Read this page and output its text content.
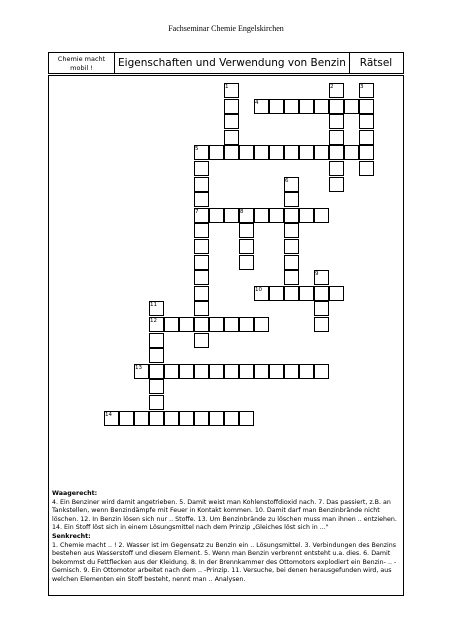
Fachseminar Chemie Engelskirchen
Chemie macht mobil !	Eigenschaften und Verwendung von Benzin	Rätsel
1	2	3
4
5
6
7	8
9
10
11
12
13
14
Waagerecht:
4. Ein Benziner wird damit angetrieben. 5. Damit weist man Kohlenstoffdioxid nach. 7. Das passiert, z.B. an Tankstellen, wenn Benzindämpfe mit Feuer in Kontakt kommen. 10. Damit darf man Benzinbrände nicht löschen. 12. In Benzin lösen sich nur .. Stoffe. 13. Um Benzinbrände zu löschen muss man ihnen .. entziehen. 14. Ein Stoff löst sich in einem Lösungsmittel nach dem Prinzip „Gleiches löst sich in ..."
Senkrecht:
1. Chemie macht .. ! 2. Wasser ist im Gegensatz zu Benzin ein .. Lösungsmittel. 3. Verbindungen des Benzins bestehen aus Wasserstoff und diesem Element. 5. Wenn man Benzin verbrennt entsteht u.a. dies. 6. Damit bekommst du Fettflecken aus der Kleidung. 8. In der Brennkammer des Ottomotors explodiert ein Benzin- .. -Gemisch. 9. Ein Ottomotor arbeitet nach dem .. -Prinzip. 11. Versuche, bei denen herausgefunden wird, aus welchen Elementen ein Stoff besteht, nennt man .. Analysen.
